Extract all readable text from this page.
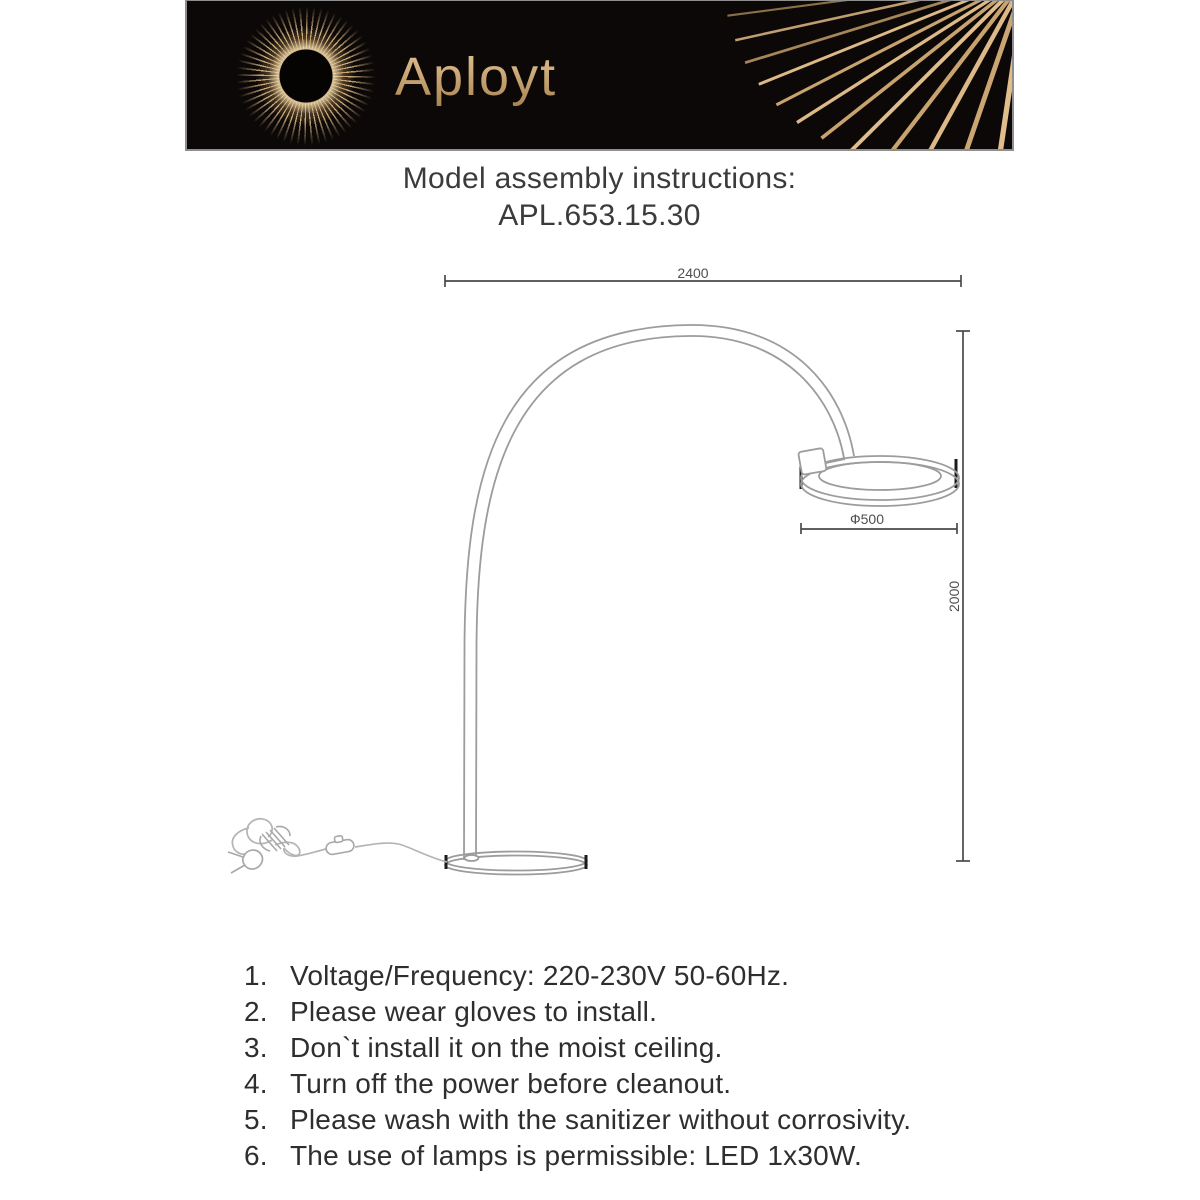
Aployt
Model assembly instructions:
APL.653.15.30
2400
2000
Ф500
1. Voltage/Frequency: 220-230V 50-60Hz.
2. Please wear gloves to install.
3. Don`t install it on the moist ceiling.
4. Turn off the power before cleanout.
5. Please wash with the sanitizer without corrosivity.
6. The use of lamps is permissible: LED 1x30W.
